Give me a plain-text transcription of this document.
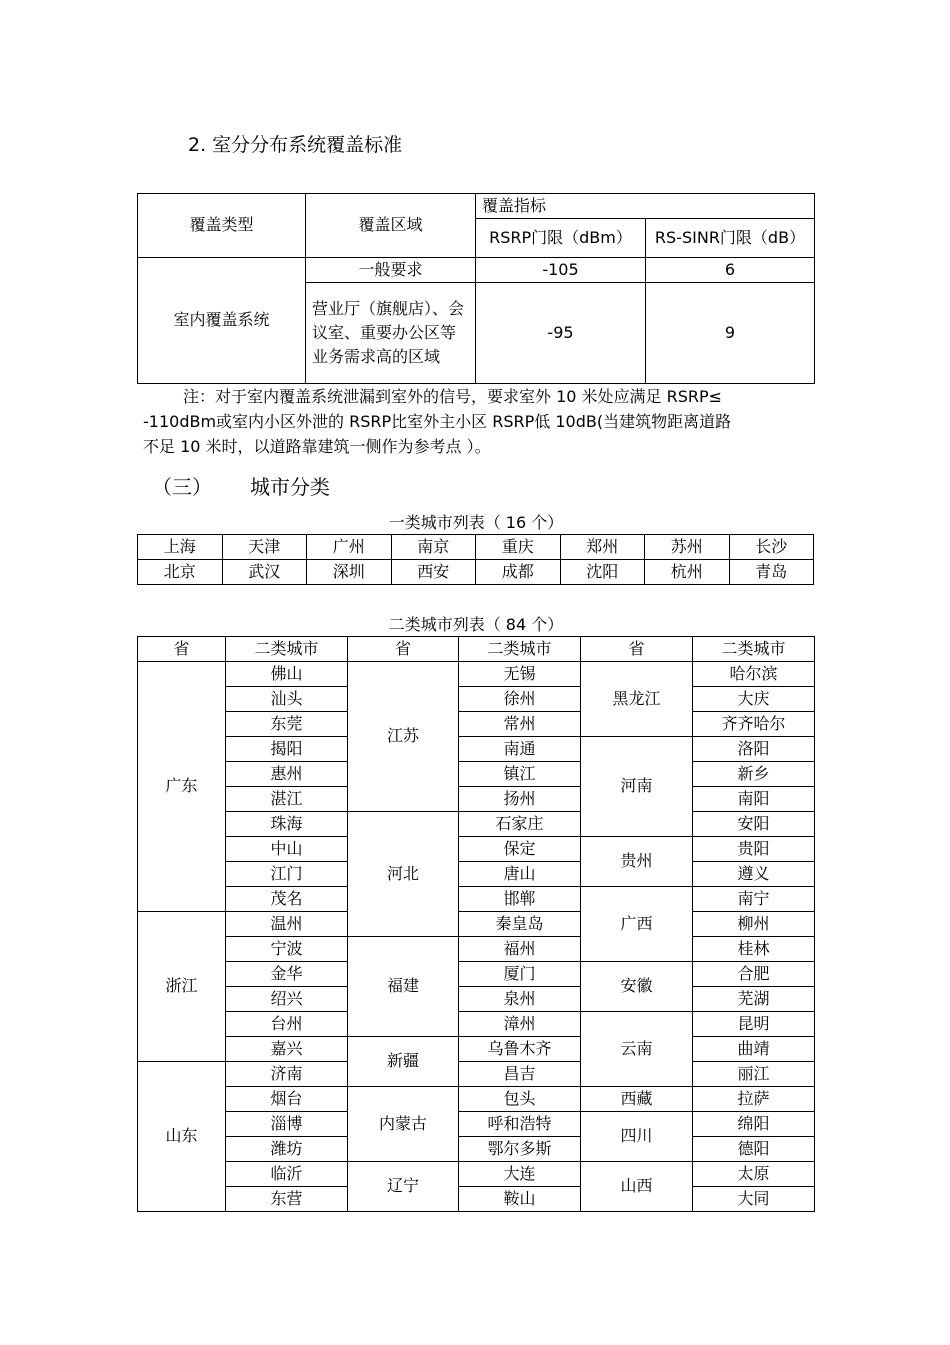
2. 室分分布系统覆盖标准
覆盖类型	覆盖区域	覆盖指标	
		RSRP门限（dBm）	RS-SINR门限（dB）
室内覆盖系统	一般要求	-105	6
	营业厅（旗舰店）、会议室、重要办公区等业务需求高的区域	-95	9

注：对于室内覆盖系统泄漏到室外的信号，要求室外 10 米处应满足 RSRP≤

-110dBm或室内小区外泄的 RSRP比室外主小区 RSRP低 10dB(当建筑物距离道路

不足 10 米时，以道路靠建筑一侧作为参考点 ）。

（三） 城市分类
一类城市列表（ 16 个）
上海	天津	广州	南京	重庆	郑州	苏州	长沙
北京	武汉	深圳	西安	成都	沈阳	杭州	青岛
二类城市列表（ 84 个）
省	二类城市	省	二类城市	省	二类城市
广东	佛山	江苏	无锡	黑龙江	哈尔滨
	汕头		徐州		大庆
	东莞		常州		齐齐哈尔
	揭阳		南通	河南	洛阳
	惠州		镇江		新乡
	湛江		扬州		南阳
	珠海	河北	石家庄		安阳
	中山		保定	贵州	贵阳
	江门		唐山		遵义
	茂名		邯郸	广西	南宁
浙江	温州		秦皇岛		柳州
	宁波	福建	福州		桂林
	金华		厦门	安徽	合肥
	绍兴		泉州		芜湖
	台州		漳州	云南	昆明
	嘉兴	新疆	乌鲁木齐		曲靖
山东	济南		昌吉		丽江
	烟台	内蒙古	包头	西藏	拉萨
	淄博		呼和浩特	四川	绵阳
	潍坊		鄂尔多斯		德阳
	临沂	辽宁	大连	山西	太原
	东营		鞍山		大同
